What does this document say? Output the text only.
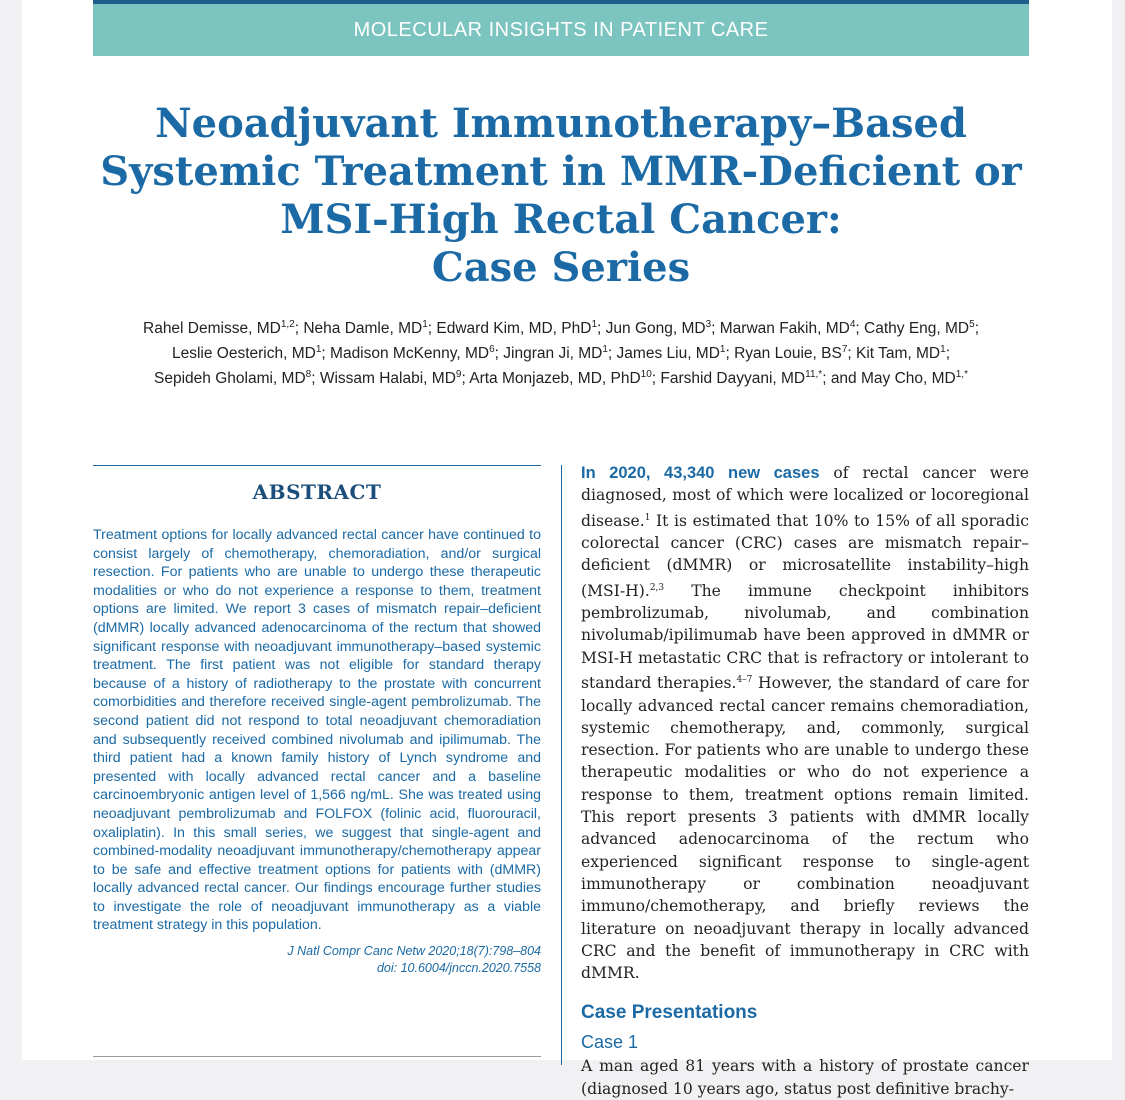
MOLECULAR INSIGHTS IN PATIENT CARE
Neoadjuvant Immunotherapy–Based
Systemic Treatment in MMR-Deficient or
MSI-High Rectal Cancer:
Case Series

Rahel Demisse, MD$^{1,2}$; Neha Damle, $MD^1$; Edward Kim, MD, PhD$^1$; Jun Gong, $MD^3$; Marwan Fakih, $MD^4$; Cathy Eng, $MD^5$;
Leslie Oesterich, $MD^1$; Madison McKenny, $MD^6$; Jingran Ji, $MD^1$; James Liu, $MD^1$; Ryan Louie, $BS^7$; Kit Tam, $MD^1$;
Sepideh Gholami, $MD^8$; Wissam Halabi, $MD^9$; Arta Monjazeb, MD, PhD$^{10}$; Farshid Dayyani, $MD^{11,*}$; and May Cho, $MD^{1,*}$

ABSTRACT

Treatment options for locally advanced rectal cancer have continued to consist largely of chemotherapy, chemoradiation, and/or surgical resection. For patients who are unable to undergo these therapeutic modalities or who do not experience a response to them, treatment options are limited. We report 3 cases of mismatch repair–deficient (dMMR) locally advanced adenocarcinoma of the rectum that showed significant response with neoadjuvant immunotherapy–based systemic treatment. The first patient was not eligible for standard therapy because of a history of radiotherapy to the prostate with concurrent comorbidities and therefore received single-agent pembrolizumab. The second patient did not respond to total neoadjuvant chemoradiation and subsequently received combined nivolumab and ipilimumab. The third patient had a known family history of Lynch syndrome and presented with locally advanced rectal cancer and a baseline carcinoembryonic antigen level of 1,566 ng/mL. She was treated using neoadjuvant pembrolizumab and FOLFOX (folinic acid, fluorouracil, oxaliplatin). In this small series, we suggest that single-agent and combined-modality neoadjuvant immunotherapy/chemotherapy appear to be safe and effective treatment options for patients with (dMMR) locally advanced rectal cancer. Our findings encourage further studies to investigate the role of neoadjuvant immunotherapy as a viable treatment strategy in this population.

J Natl Compr Canc Netw 2020;18(7):798–804
doi: 10.6004/jnccn.2020.7558

In 2020, 43,340 new cases of rectal cancer were diagnosed, most of which were localized or locoregional disease.$^1$ It is estimated that 10% to 15% of all sporadic colorectal cancer (CRC) cases are mismatch repair–deficient (dMMR) or microsatellite instability–high (MSI-H).$^{2,3}$ The immune checkpoint inhibitors pembrolizumab, nivolumab, and combination nivolumab/ipilimumab have been approved in dMMR or MSI-H metastatic CRC that is refractory or intolerant to standard therapies.$^{4-7}$ However, the standard of care for locally advanced rectal cancer remains chemoradiation, systemic chemotherapy, and, commonly, surgical resection. For patients who are unable to undergo these therapeutic modalities or who do not experience a response to them, treatment options remain limited. This report presents 3 patients with dMMR locally advanced adenocarcinoma of the rectum who experienced significant response to single-agent immunotherapy or combination neoadjuvant immuno/chemotherapy, and briefly reviews the literature on neoadjuvant therapy in locally advanced CRC and the benefit of immunotherapy in CRC with dMMR.

Case Presentations
Case 1

A man aged 81 years with a history of prostate cancer (diagnosed 10 years ago, status post definitive brachy-
